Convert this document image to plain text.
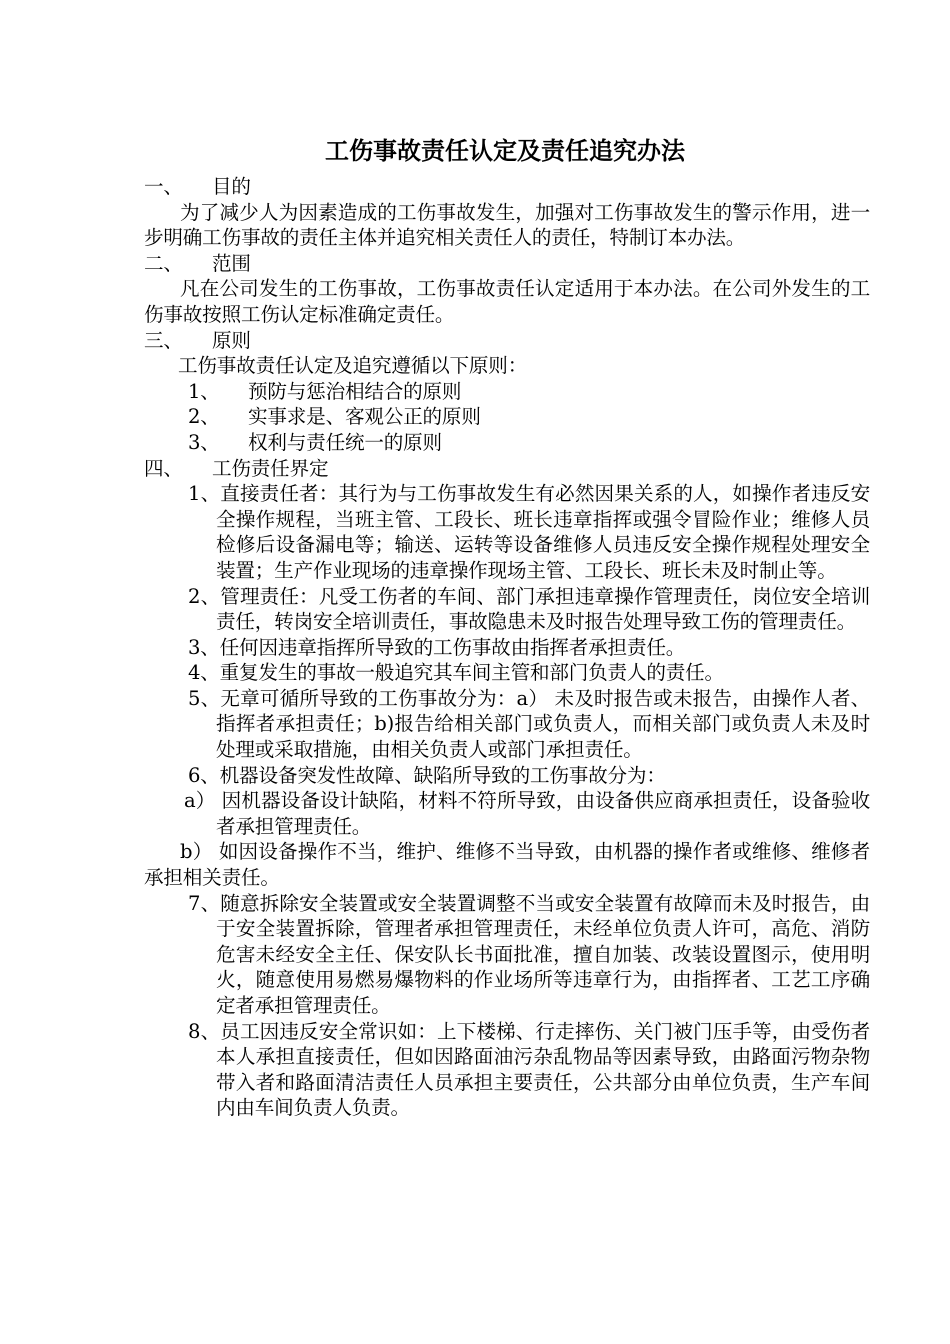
工伤事故责任认定及责任追究办法
一、	目的

为了减少人为因素造成的工伤事故发生，加强对工伤事故发生的警示作用，进一步明确工伤事故的责任主体并追究相关责任人的责任，特制订本办法。

二、	范围

凡在公司发生的工伤事故，工伤事故责任认定适用于本办法。在公司外发生的工伤事故按照工伤认定标准确定责任。

三、	原则

工伤事故责任认定及追究遵循以下原则：

1、	预防与惩治相结合的原则
2、	实事求是、客观公正的原则
3、	权利与责任统一的原则
四、	工伤责任界定

1、直接责任者：其行为与工伤事故发生有必然因果关系的人，如操作者违反安全操作规程，当班主管、工段长、班长违章指挥或强令冒险作业；维修人员检修后设备漏电等；输送、运转等设备维修人员违反安全操作规程处理安全装置；生产作业现场的违章操作现场主管、工段长、班长未及时制止等。

2、管理责任：凡受工伤者的车间、部门承担违章操作管理责任，岗位安全培训责任，转岗安全培训责任，事故隐患未及时报告处理导致工伤的管理责任。

3、任何因违章指挥所导致的工伤事故由指挥者承担责任。

4、重复发生的事故一般追究其车间主管和部门负责人的责任。

5、无章可循所导致的工伤事故分为：a） 未及时报告或未报告，由操作人者、指挥者承担责任；b)报告给相关部门或负责人，而相关部门或负责人未及时处理或采取措施，由相关负责人或部门承担责任。

6、机器设备突发性故障、缺陷所导致的工伤事故分为：

a） 因机器设备设计缺陷，材料不符所导致，由设备供应商承担责任，设备验收者承担管理责任。

b） 如因设备操作不当，维护、维修不当导致，由机器的操作者或维修、维修者承担相关责任。

7、随意拆除安全装置或安全装置调整不当或安全装置有故障而未及时报告，由于安全装置拆除，管理者承担管理责任，未经单位负责人许可，高危、消防危害未经安全主任、保安队长书面批准，擅自加装、改装设置图示，使用明火，随意使用易燃易爆物料的作业场所等违章行为，由指挥者、工艺工序确定者承担管理责任。

8、员工因违反安全常识如：上下楼梯、行走摔伤、关门被门压手等，由受伤者本人承担直接责任，但如因路面油污杂乱物品等因素导致，由路面污物杂物带入者和路面清洁责任人员承担主要责任，公共部分由单位负责，生产车间内由车间负责人负责。
